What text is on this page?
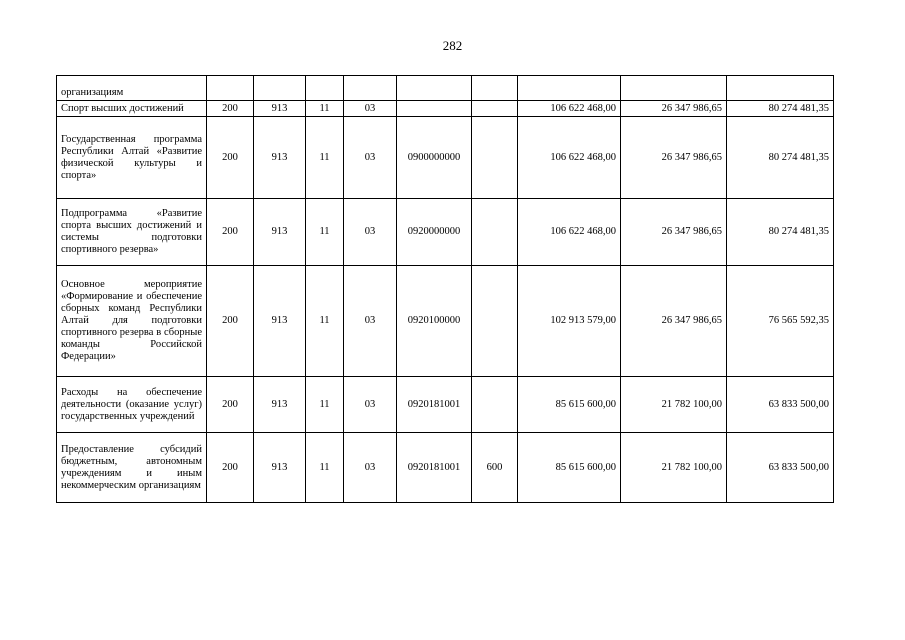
282
организациям									
Спорт высших достижений	200	913	11	03			106 622 468,00	26 347 986,65	80 274 481,35
Государственная программа Республики Алтай «Развитие физической культуры и спорта»	200	913	11	03	0900000000		106 622 468,00	26 347 986,65	80 274 481,35
Подпрограмма «Развитие спорта высших достижений и системы подготовки спортивного резерва»	200	913	11	03	0920000000		106 622 468,00	26 347 986,65	80 274 481,35
Основное мероприятие «Формирование и обеспечение сборных команд Республики Алтай для подготовки спортивного резерва в сборные команды Российской Федерации»	200	913	11	03	0920100000		102 913 579,00	26 347 986,65	76 565 592,35
Расходы на обеспечение деятельности (оказание услуг) государственных учреждений	200	913	11	03	0920181001		85 615 600,00	21 782 100,00	63 833 500,00
Предоставление субсидий бюджетным, автономным учреждениям и иным некоммерческим организациям	200	913	11	03	0920181001	600	85 615 600,00	21 782 100,00	63 833 500,00
